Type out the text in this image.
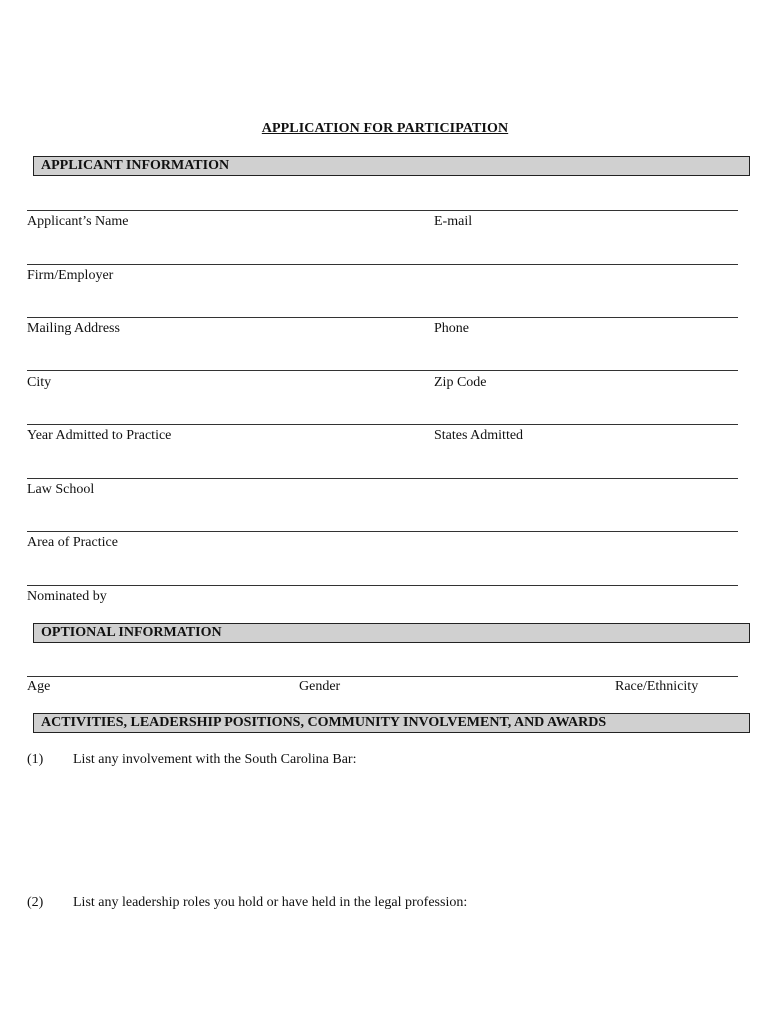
APPLICATION FOR PARTICIPATION
APPLICANT INFORMATION
Applicant’s Name	E-mail
Firm/Employer
Mailing Address	Phone
City	Zip Code
Year Admitted to Practice	States Admitted
Law School
Area of Practice
Nominated by
OPTIONAL INFORMATION
Age	Gender	Race/Ethnicity
ACTIVITIES, LEADERSHIP POSITIONS, COMMUNITY INVOLVEMENT, AND AWARDS
(1) List any involvement with the South Carolina Bar:
(2) List any leadership roles you hold or have held in the legal profession:
